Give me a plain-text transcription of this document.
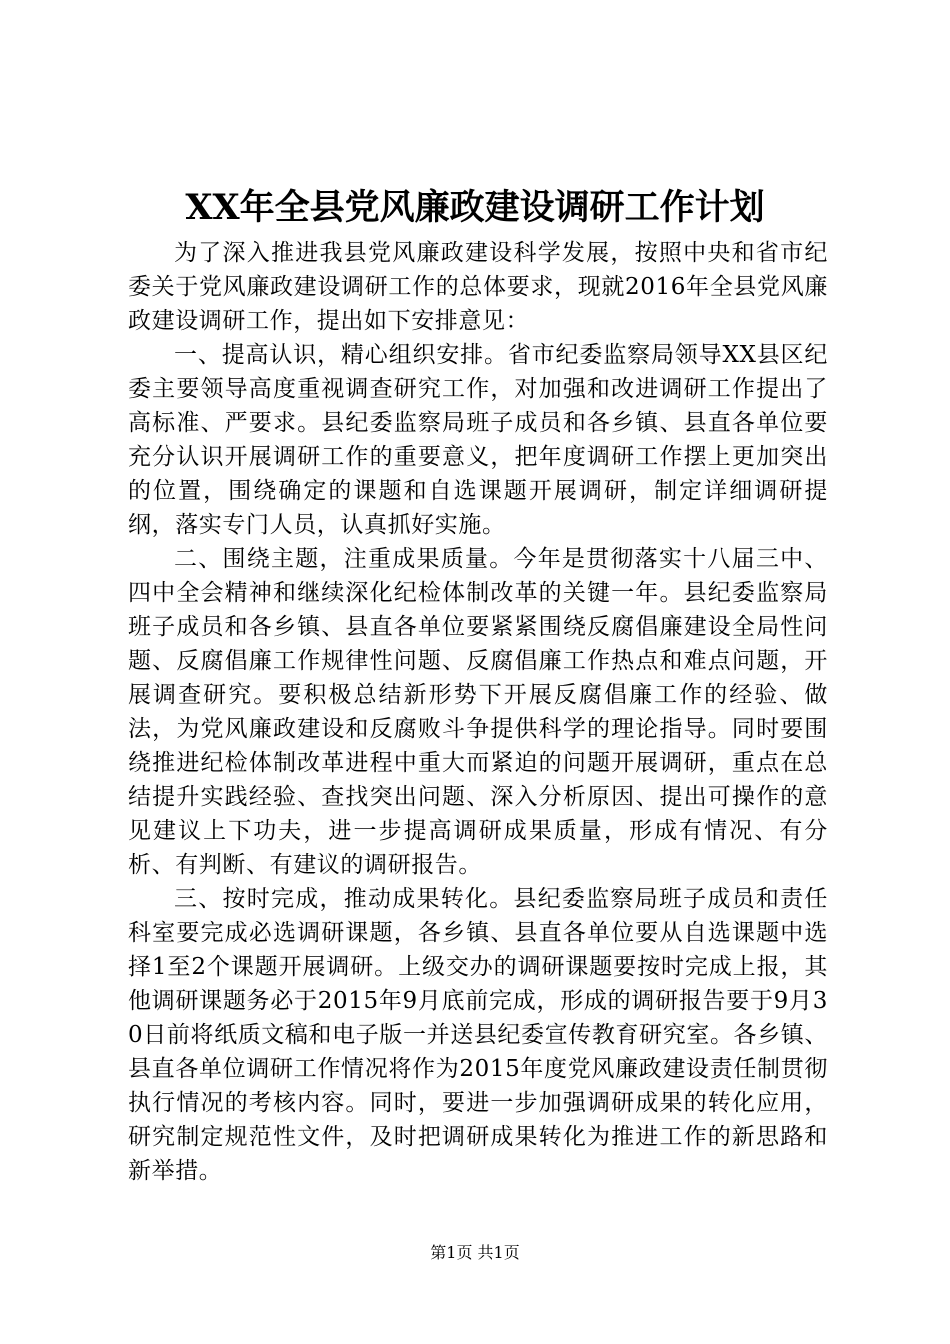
XX年全县党风廉政建设调研工作计划

为了深入推进我县党风廉政建设科学发展，按照中央和省市纪委关于党风廉政建设调研工作的总体要求，现就2016年全县党风廉政建设调研工作，提出如下安排意见：

一、提高认识，精心组织安排。省市纪委监察局领导XX县区纪委主要领导高度重视调查研究工作，对加强和改进调研工作提出了高标准、严要求。县纪委监察局班子成员和各乡镇、县直各单位要充分认识开展调研工作的重要意义，把年度调研工作摆上更加突出的位置，围绕确定的课题和自选课题开展调研，制定详细调研提纲，落实专门人员，认真抓好实施。

二、围绕主题，注重成果质量。今年是贯彻落实十八届三中、四中全会精神和继续深化纪检体制改革的关键一年。县纪委监察局班子成员和各乡镇、县直各单位要紧紧围绕反腐倡廉建设全局性问题、反腐倡廉工作规律性问题、反腐倡廉工作热点和难点问题，开展调查研究。要积极总结新形势下开展反腐倡廉工作的经验、做法，为党风廉政建设和反腐败斗争提供科学的理论指导。同时要围绕推进纪检体制改革进程中重大而紧迫的问题开展调研，重点在总结提升实践经验、查找突出问题、深入分析原因、提出可操作的意见建议上下功夫，进一步提高调研成果质量，形成有情况、有分析、有判断、有建议的调研报告。

三、按时完成，推动成果转化。县纪委监察局班子成员和责任科室要完成必选调研课题，各乡镇、县直各单位要从自选课题中选择1至2个课题开展调研。上级交办的调研课题要按时完成上报，其他调研课题务必于2015年9月底前完成，形成的调研报告要于9月30日前将纸质文稿和电子版一并送县纪委宣传教育研究室。各乡镇、县直各单位调研工作情况将作为2015年度党风廉政建设责任制贯彻执行情况的考核内容。同时，要进一步加强调研成果的转化应用，研究制定规范性文件，及时把调研成果转化为推进工作的新思路和新举措。

第1页 共1页
